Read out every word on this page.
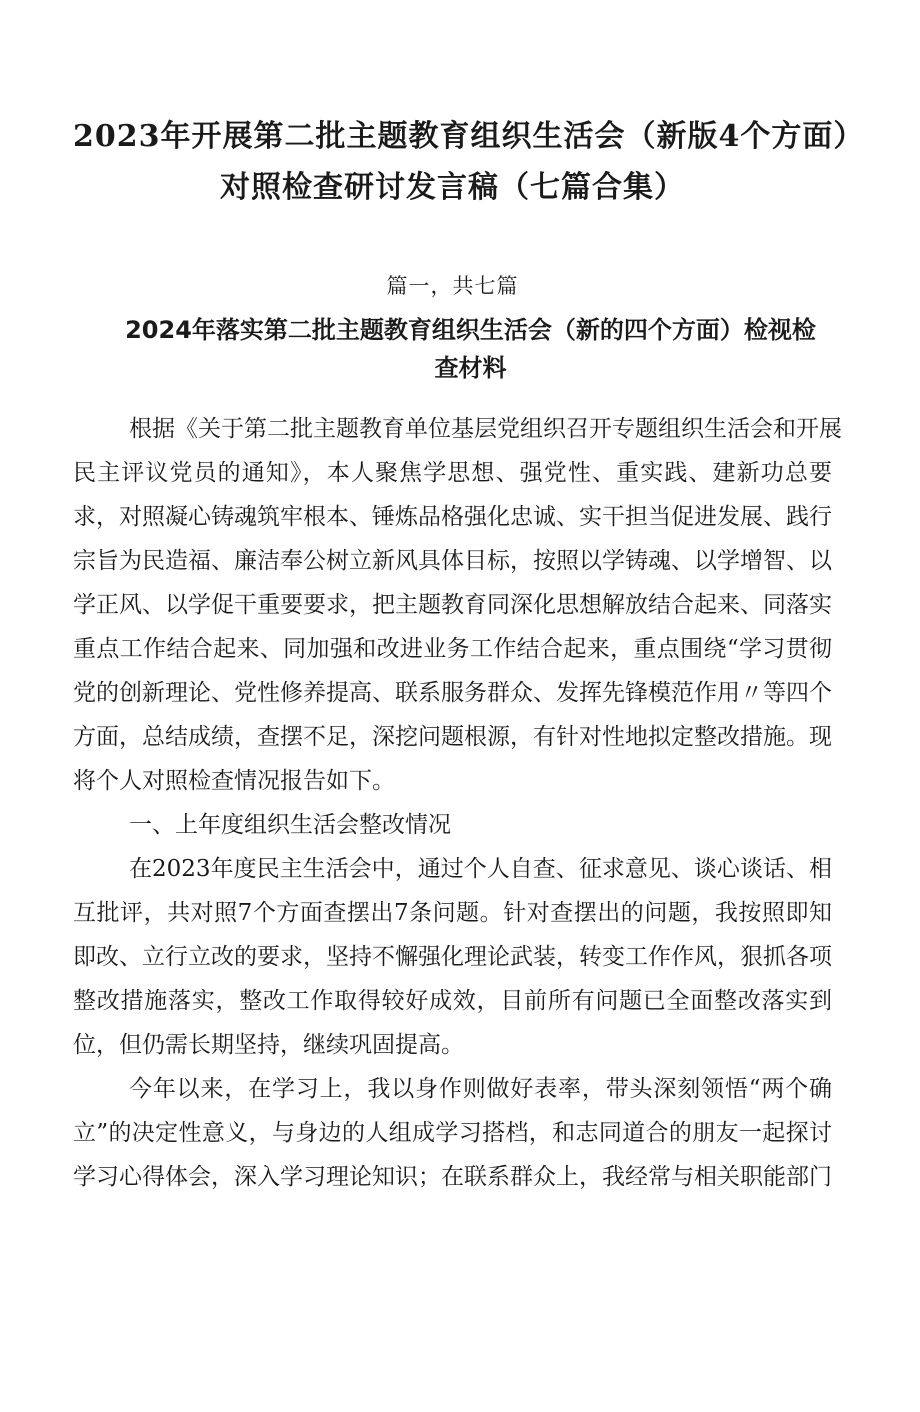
2023年开展第二批主题教育组织生活会（新版4个方面）
对照检查研讨发言稿（七篇合集）
篇一，共七篇
2024年落实第二批主题教育组织生活会（新的四个方面）检视检
查材料

根据《关于第二批主题教育单位基层党组织召开专题组织生活会和开展
民主评议党员的通知》，本人聚焦学思想、强党性、重实践、建新功总要
求，对照凝心铸魂筑牢根本、锤炼品格强化忠诚、实干担当促进发展、践行
宗旨为民造福、廉洁奉公树立新风具体目标，按照以学铸魂、以学增智、以
学正风、以学促干重要要求，把主题教育同深化思想解放结合起来、同落实
重点工作结合起来、同加强和改进业务工作结合起来，重点围绕“学习贯彻
党的创新理论、党性修养提高、联系服务群众、发挥先锋模范作用〃等四个
方面，总结成绩，查摆不足，深挖问题根源，有针对性地拟定整改措施。现
将个人对照检查情况报告如下。

一、上年度组织生活会整改情况

在2023年度民主生活会中，通过个人自查、征求意见、谈心谈话、相
互批评，共对照7个方面查摆出7条问题。针对查摆出的问题，我按照即知
即改、立行立改的要求，坚持不懈强化理论武装，转变工作作风，狠抓各项
整改措施落实，整改工作取得较好成效，目前所有问题已全面整改落实到
位，但仍需长期坚持，继续巩固提高。

今年以来，在学习上，我以身作则做好表率，带头深刻领悟“两个确
立”的决定性意义，与身边的人组成学习搭档，和志同道合的朋友一起探讨
学习心得体会，深入学习理论知识；在联系群众上，我经常与相关职能部门
